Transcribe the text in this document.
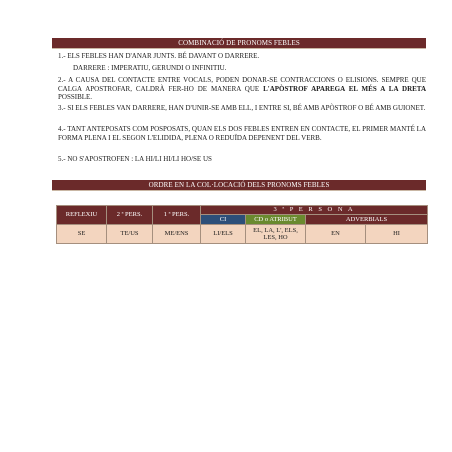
COMBINACIÓ DE PRONOMS FEBLES

1.- ELS FEBLES HAN D'ANAR JUNTS. BÉ DAVANT O DARRERE.

DARRERE : IMPERATIU, GERUNDI O INFINITIU.

2.- A CAUSA DEL CONTACTE ENTRE VOCALS, PODEN DONAR-SE CONTRACCIONS O ELISIONS. SEMPRE QUE CALGA APOSTROFAR, CALDRÀ FER-HO DE MANERA QUE L'APÒSTROF APAREGA EL MÉS A LA DRETA POSSIBLE.

3.- SI ELS FEBLES VAN DARRERE, HAN D'UNIR-SE AMB ELL, I ENTRE SI, BÉ AMB APÒSTROF O BÉ AMB GUIONET.

4.- TANT ANTEPOSATS COM POSPOSATS, QUAN ELS DOS FEBLES ENTREN EN CONTACTE, EL PRIMER MANTÉ LA FORMA PLENA I EL SEGON L'ELIDIDA, PLENA O REDUÏDA DEPENENT DEL VERB.

5.- NO S'APOSTROFEN : LA HI/LI HI/LI HO/SE US

ORDRE EN LA COL·LOCACIÓ DELS PRONOMS FEBLES
REFLEXIU	2 ª PERS.	1 ª PERS.	3 ª P E R S O N A			
			CI	CD o ATRIBUT	ADVERBIALS	
SE	TE/US	ME/ENS	LI/ELS	EL, LA, L', ELS,
LES, HO	EN	HI
